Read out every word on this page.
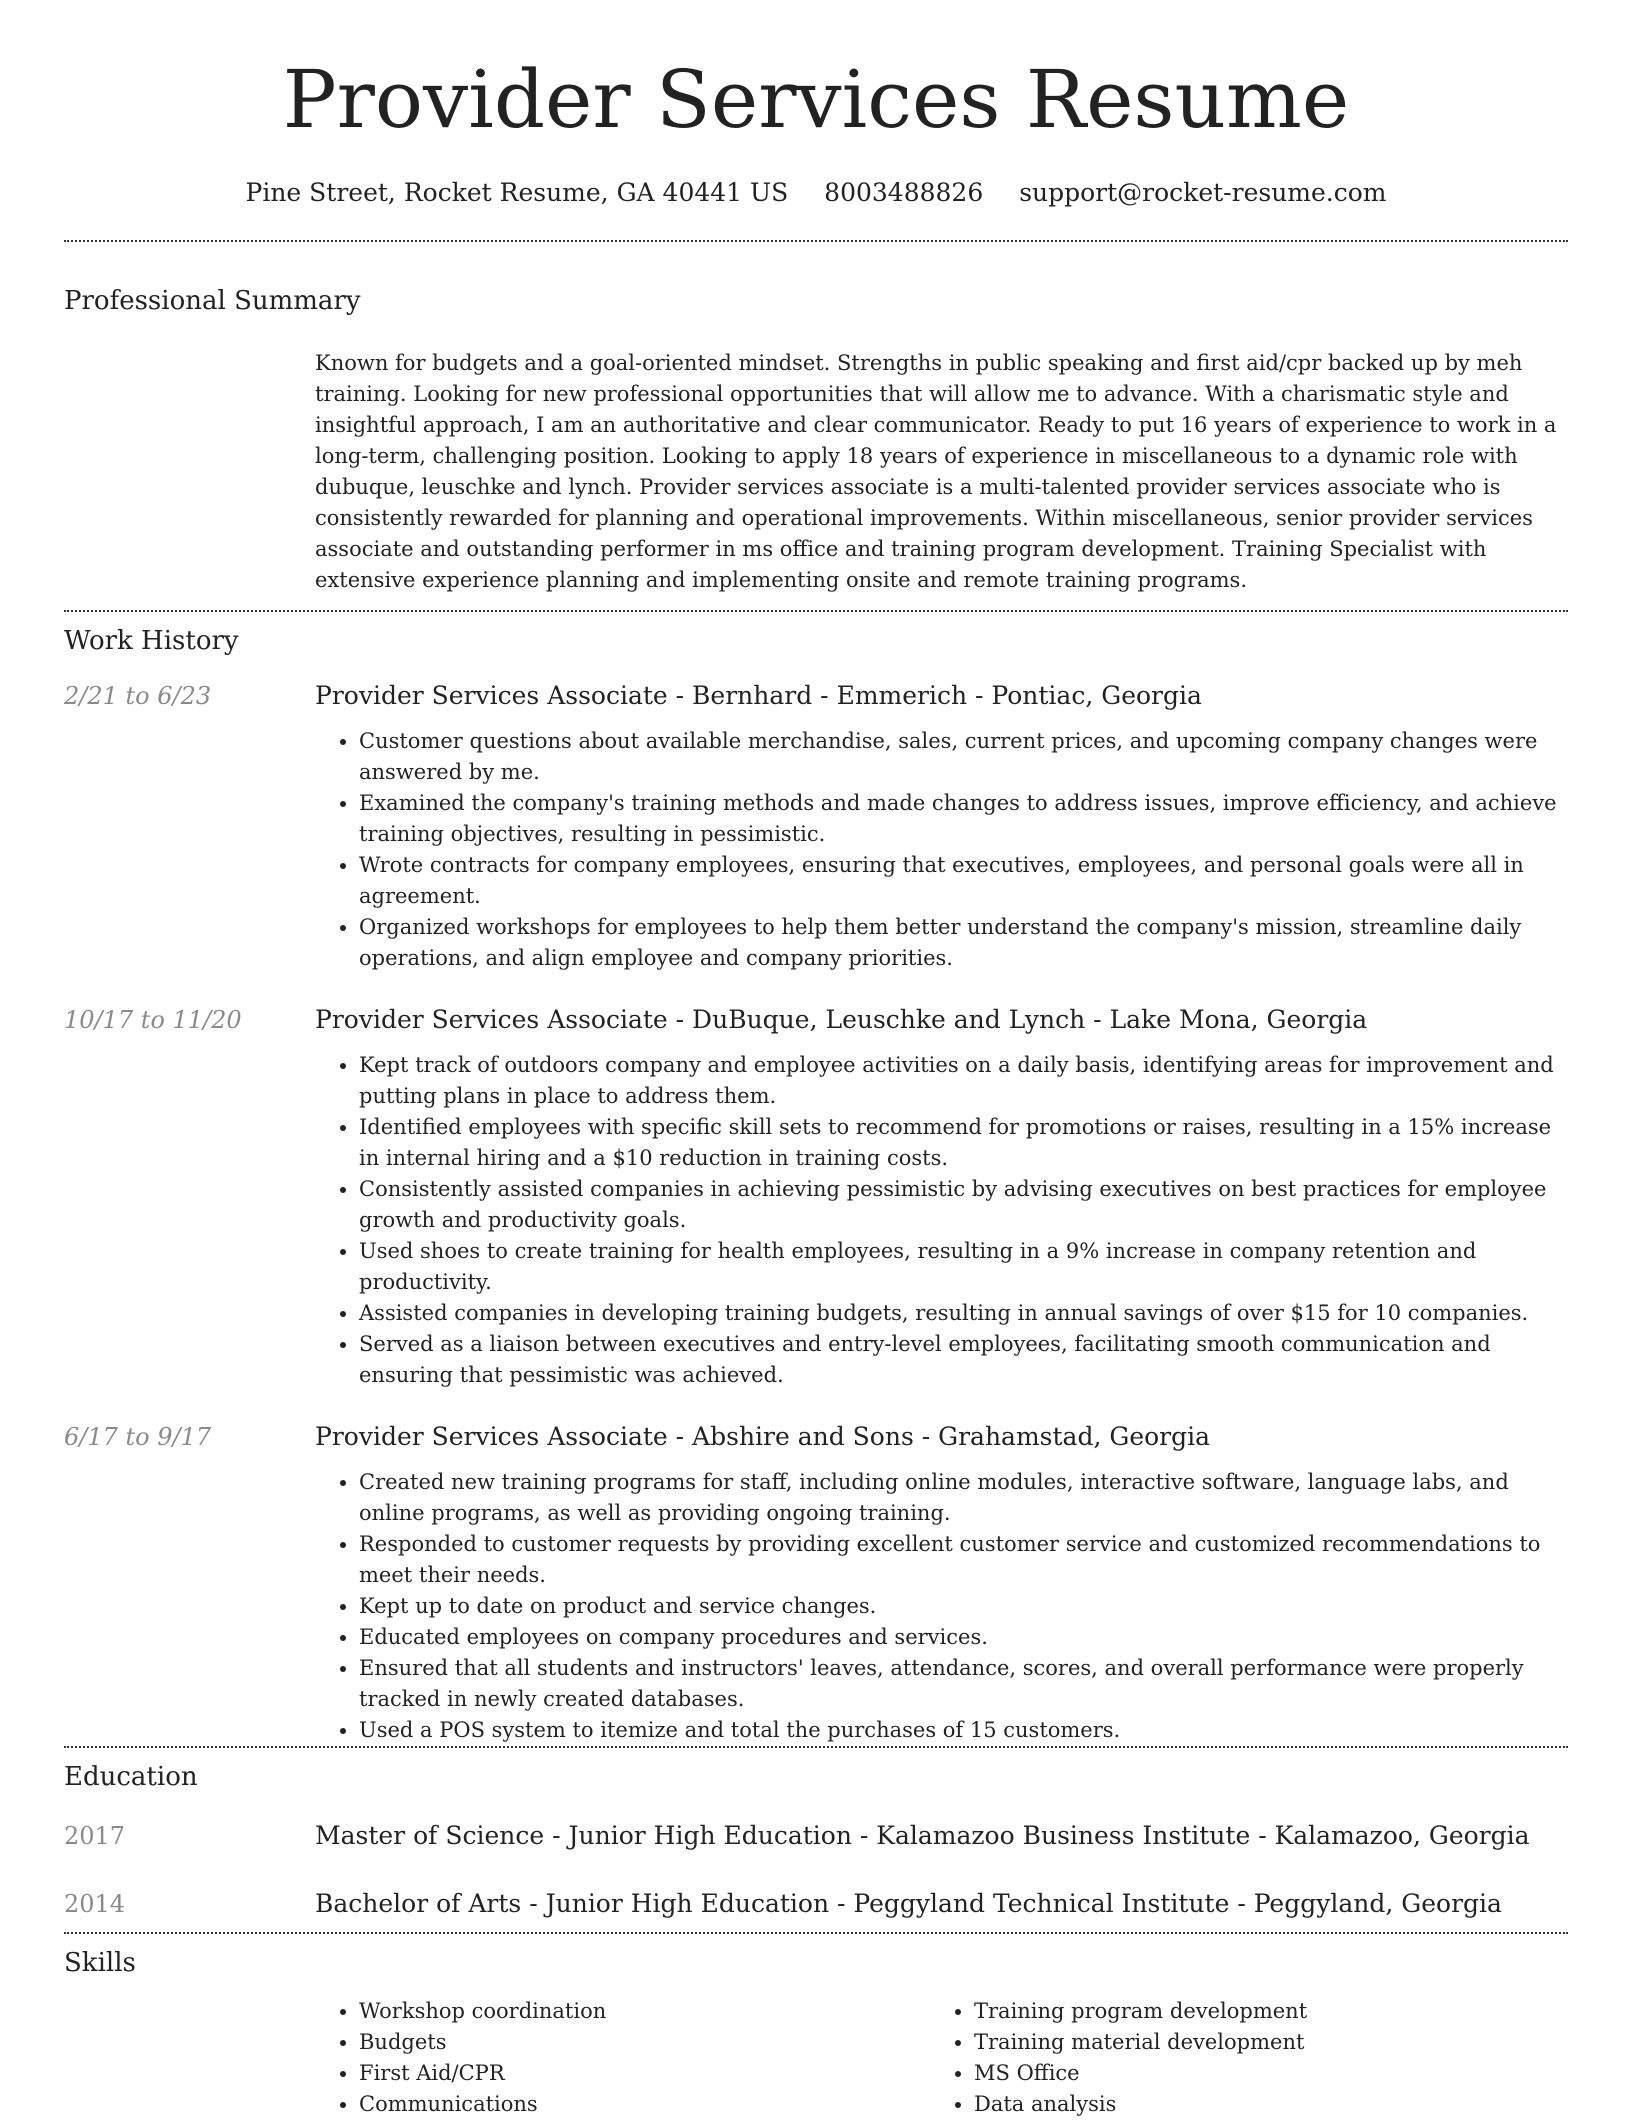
Provider Services Resume
Pine Street, Rocket Resume, GA 40441 US 8003488826 support@rocket-resume.com
Professional Summary
Known for budgets and a goal-oriented mindset. Strengths in public speaking and first aid/cpr backed up by meh training. Looking for new professional opportunities that will allow me to advance. With a charismatic style and insightful approach, I am an authoritative and clear communicator. Ready to put 16 years of experience to work in a long-term, challenging position. Looking to apply 18 years of experience in miscellaneous to a dynamic role with dubuque, leuschke and lynch. Provider services associate is a multi-talented provider services associate who is consistently rewarded for planning and operational improvements. Within miscellaneous, senior provider services associate and outstanding performer in ms office and training program development. Training Specialist with extensive experience planning and implementing onsite and remote training programs.
Work History
2/21 to 6/23	Provider Services Associate - Bernhard - Emmerich - Pontiac, Georgia
• Customer questions about available merchandise, sales, current prices, and upcoming company changes were answered by me.
• Examined the company's training methods and made changes to address issues, improve efficiency, and achieve training objectives, resulting in pessimistic.
• Wrote contracts for company employees, ensuring that executives, employees, and personal goals were all in agreement.
• Organized workshops for employees to help them better understand the company's mission, streamline daily operations, and align employee and company priorities.
10/17 to 11/20	Provider Services Associate - DuBuque, Leuschke and Lynch - Lake Mona, Georgia
• Kept track of outdoors company and employee activities on a daily basis, identifying areas for improvement and putting plans in place to address them.
• Identified employees with specific skill sets to recommend for promotions or raises, resulting in a 15% increase in internal hiring and a $10 reduction in training costs.
• Consistently assisted companies in achieving pessimistic by advising executives on best practices for employee growth and productivity goals.
• Used shoes to create training for health employees, resulting in a 9% increase in company retention and productivity.
• Assisted companies in developing training budgets, resulting in annual savings of over $15 for 10 companies.
• Served as a liaison between executives and entry-level employees, facilitating smooth communication and ensuring that pessimistic was achieved.
6/17 to 9/17	Provider Services Associate - Abshire and Sons - Grahamstad, Georgia
• Created new training programs for staff, including online modules, interactive software, language labs, and online programs, as well as providing ongoing training.
• Responded to customer requests by providing excellent customer service and customized recommendations to meet their needs.
• Kept up to date on product and service changes.
• Educated employees on company procedures and services.
• Ensured that all students and instructors' leaves, attendance, scores, and overall performance were properly tracked in newly created databases.
• Used a POS system to itemize and total the purchases of 15 customers.
Education
2017	Master of Science - Junior High Education - Kalamazoo Business Institute - Kalamazoo, Georgia
2014	Bachelor of Arts - Junior High Education - Peggyland Technical Institute - Peggyland, Georgia
Skills
• Workshop coordination
• Budgets
• First Aid/CPR
• Communications
• Training program development
• Training material development
• MS Office
• Data analysis
